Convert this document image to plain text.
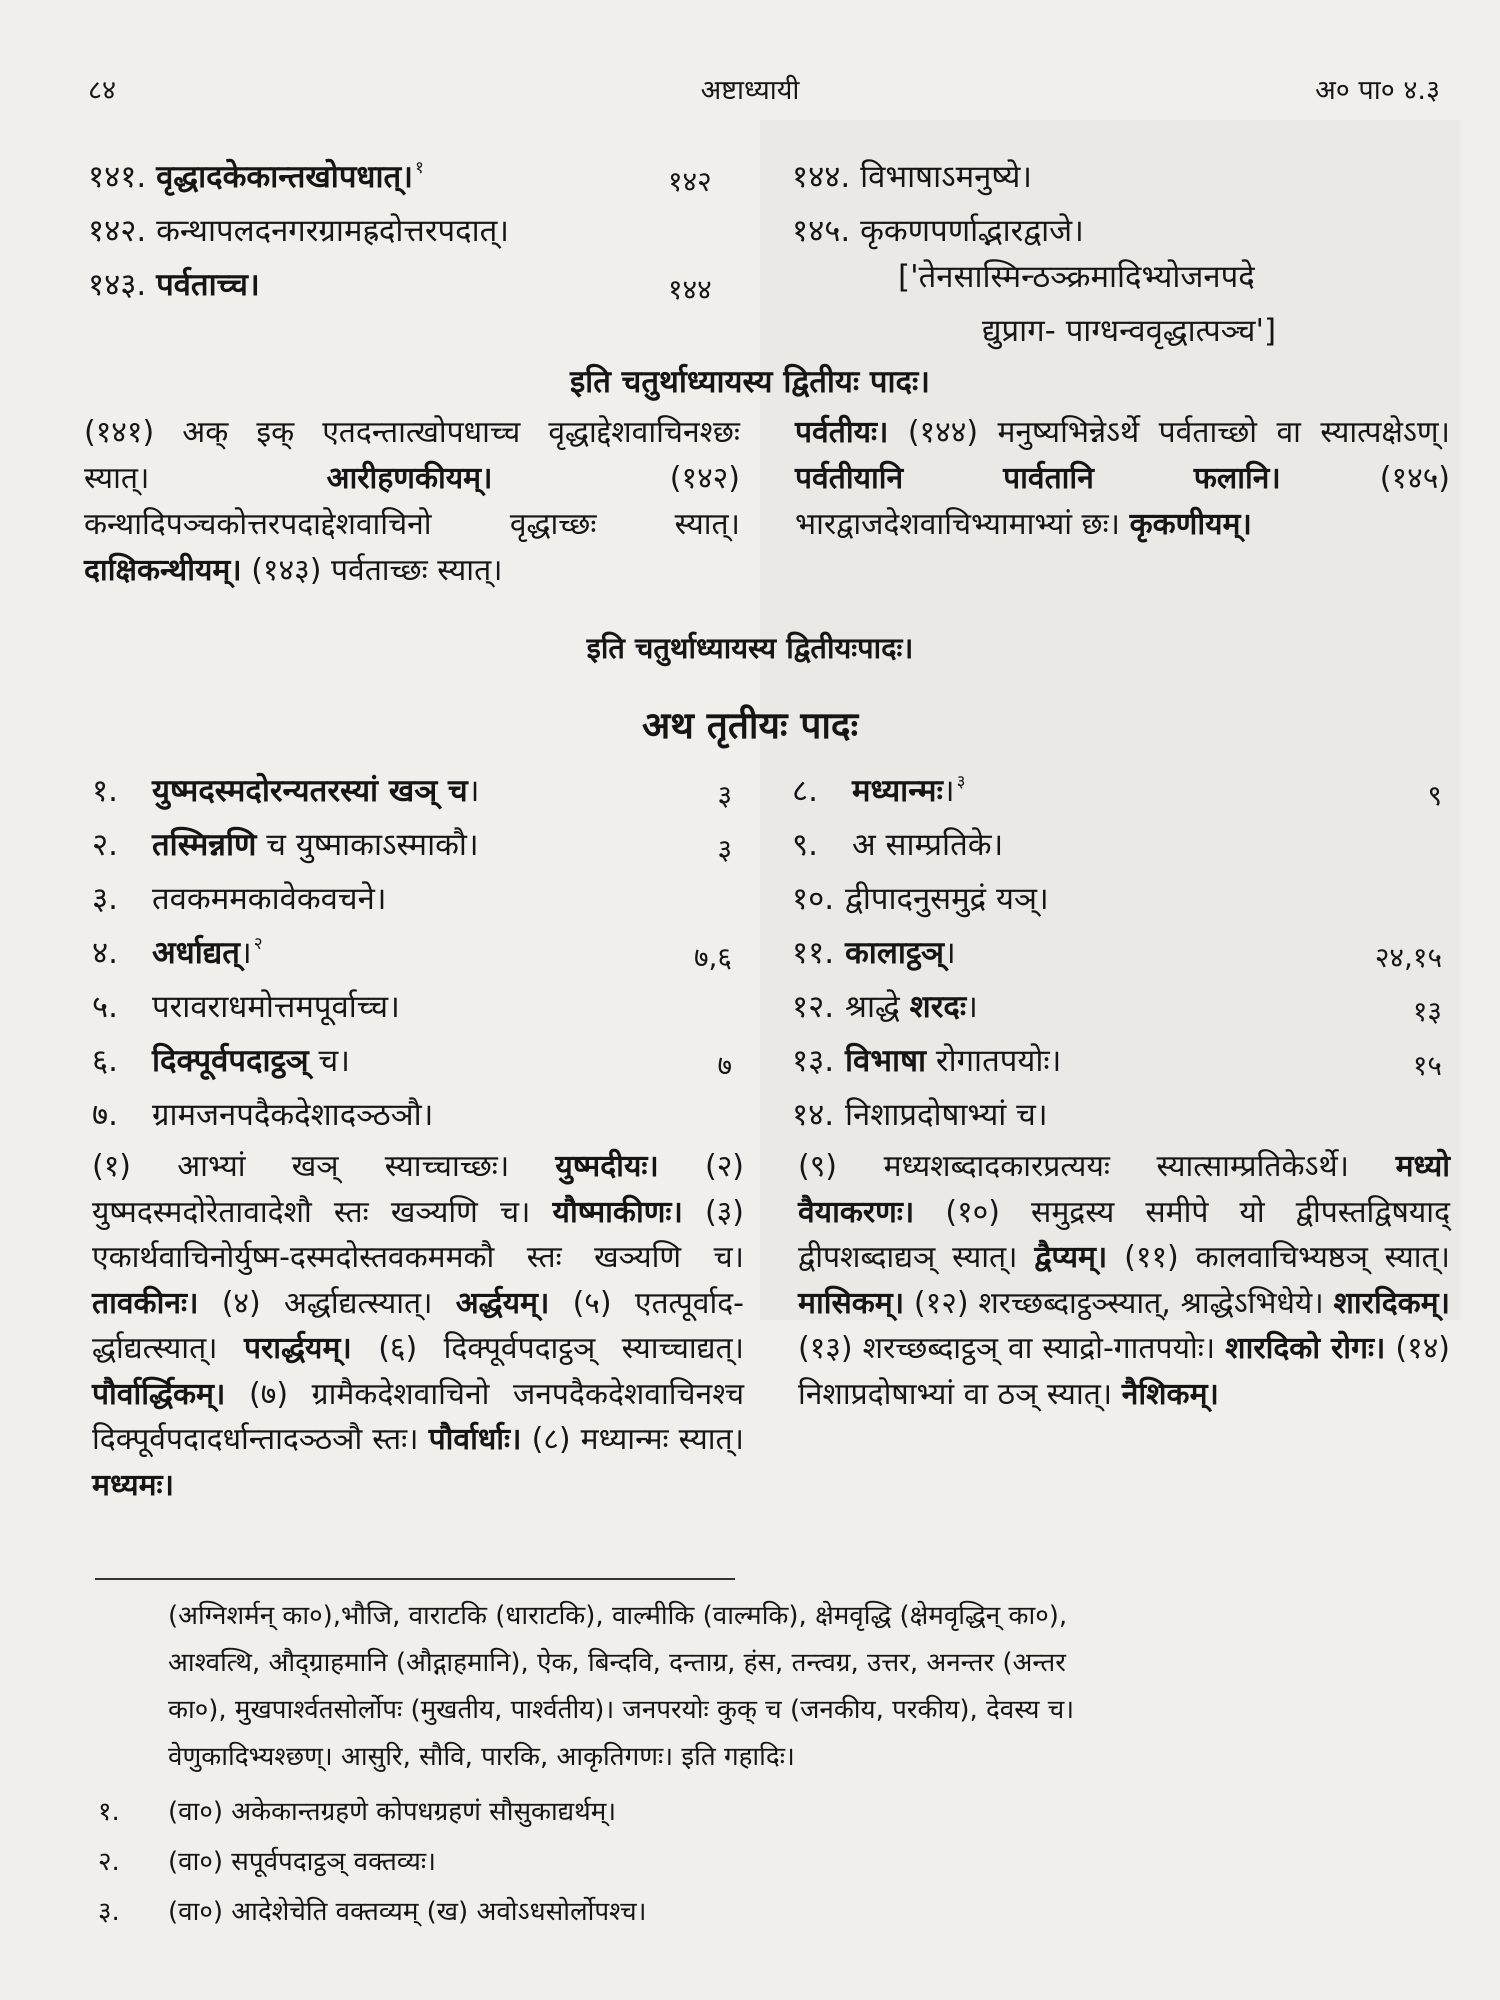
८४	अष्टाध्यायी	अ० पा० ४.३
१४१. वृद्धादकेकान्तखोपधात्। $^१$	१४२
१४२. कन्थापलदनगरग्रामह्रदोत्तरपदात्।
१४३. पर्वताच्च।	१४४
१४४. विभाषाऽमनुष्ये।
१४५. कृकणपर्णाद्भारद्वाजे।
['तेनसास्मिन्ठञ्क्रमादिभ्योजनपदे
द्युप्राग- पाग्धन्ववृद्धात्पञ्च']
इति चतुर्थाध्यायस्य द्वितीयः पादः।
(१४१) अक् इक् एतदन्तात्खोपधाच्च वृद्धाद्देशवाचिनश्छः स्यात्। आरीहणकीयम्। (१४२) कन्थादिपञ्चकोत्तरपदाद्देशवाचिनो वृद्धाच्छः स्यात्। दाक्षिकन्थीयम्। (१४३) पर्वताच्छः स्यात्।
पर्वतीयः। (१४४) मनुष्यभिन्नेऽर्थे पर्वताच्छो वा स्यात्पक्षेऽण्। पर्वतीयानि पार्वतानि फलानि। (१४५) भारद्वाजदेशवाचिभ्यामाभ्यां छः। कृकणीयम्।
इति चतुर्थाध्यायस्य द्वितीयःपादः।
अथ तृतीयः पादः
१. युष्मदस्मदोरन्यतरस्यां खञ् च।	३
२. तस्मिन्नणि च युष्माकाऽस्माकौ।	३
३. तवकममकावेकवचने।
४. अर्धाद्यत्। $^२$	७,६
५. परावराधमोत्तमपूर्वाच्च।
६. दिक्पूर्वपदाट्ठञ् च।	७
७. ग्रामजनपदैकदेशादञ्ठञौ।
८. मध्यान्मः। $^३$	९
९. अ साम्प्रतिके।
१०. द्वीपादनुसमुद्रं यञ्।
११. कालाट्ठञ्।	२४,१५
१२. श्राद्धे शरदः।	१३
१३. विभाषा रोगातपयोः।	१५
१४. निशाप्रदोषाभ्यां च।
(१) आभ्यां खञ् स्याच्चाच्छः। युष्मदीयः। (२) युष्मदस्मदोरेतावादेशौ स्तः खञ्यणि च। यौष्माकीणः। (३) एकार्थवाचिनोर्युष्म-दस्मदोस्तवकममकौ स्तः खञ्यणि च। तावकीनः। (४) अर्द्धाद्यत्स्यात्। अर्द्धयम्। (५) एतत्पूर्वाद-र्द्धाद्यत्स्यात्। परार्द्धयम्। (६) दिक्पूर्वपदाट्ठञ् स्याच्चाद्यत्। पौर्वार्द्धिकम्। (७) ग्रामैकदेशवाचिनो जनपदैकदेशवाचिनश्च दिक्पूर्वपदादर्धान्तादञ्ठञौ स्तः। पौर्वार्धाः। (८) मध्यान्मः स्यात्। मध्यमः।
(९) मध्यशब्दादकारप्रत्ययः स्यात्साम्प्रतिकेऽर्थे। मध्यो वैयाकरणः। (१०) समुद्रस्य समीपे यो द्वीपस्तद्विषयाद् द्वीपशब्दाद्यञ् स्यात्। द्वैप्यम्। (११) कालवाचिभ्यष्ठञ् स्यात्। मासिकम्। (१२) शरच्छब्दाट्ठञ्स्यात्, श्राद्धेऽभिधेये। शारदिकम्। (१३) शरच्छब्दाट्ठञ् वा स्याद्रो-गातपयोः। शारदिको रोगः। (१४) निशाप्रदोषाभ्यां वा ठञ् स्यात्। नैशिकम्।
(अग्निशर्मन् का०),भौजि, वाराटकि (धाराटकि), वाल्मीकि (वाल्मकि), क्षेमवृद्धि (क्षेमवृद्धिन् का०),
आश्वत्थि, औद्ग्राहमानि (औद्गाहमानि), ऐक, बिन्दवि, दन्ताग्र, हंस, तन्त्वग्र, उत्तर, अनन्तर (अन्तर
का०), मुखपार्श्वतसोर्लोपः (मुखतीय, पार्श्वतीय)। जनपरयोः कुक् च (जनकीय, परकीय), देवस्य च।
वेणुकादिभ्यश्छण्। आसुरि, सौवि, पारकि, आकृतिगणः। इति गहादिः।
१. (वा०) अकेकान्तग्रहणे कोपधग्रहणं सौसुकाद्यर्थम्।
२. (वा०) सपूर्वपदाट्ठञ् वक्तव्यः।
३. (वा०) आदेशेचेति वक्तव्यम् (ख) अवोऽधसोर्लोपश्च।
